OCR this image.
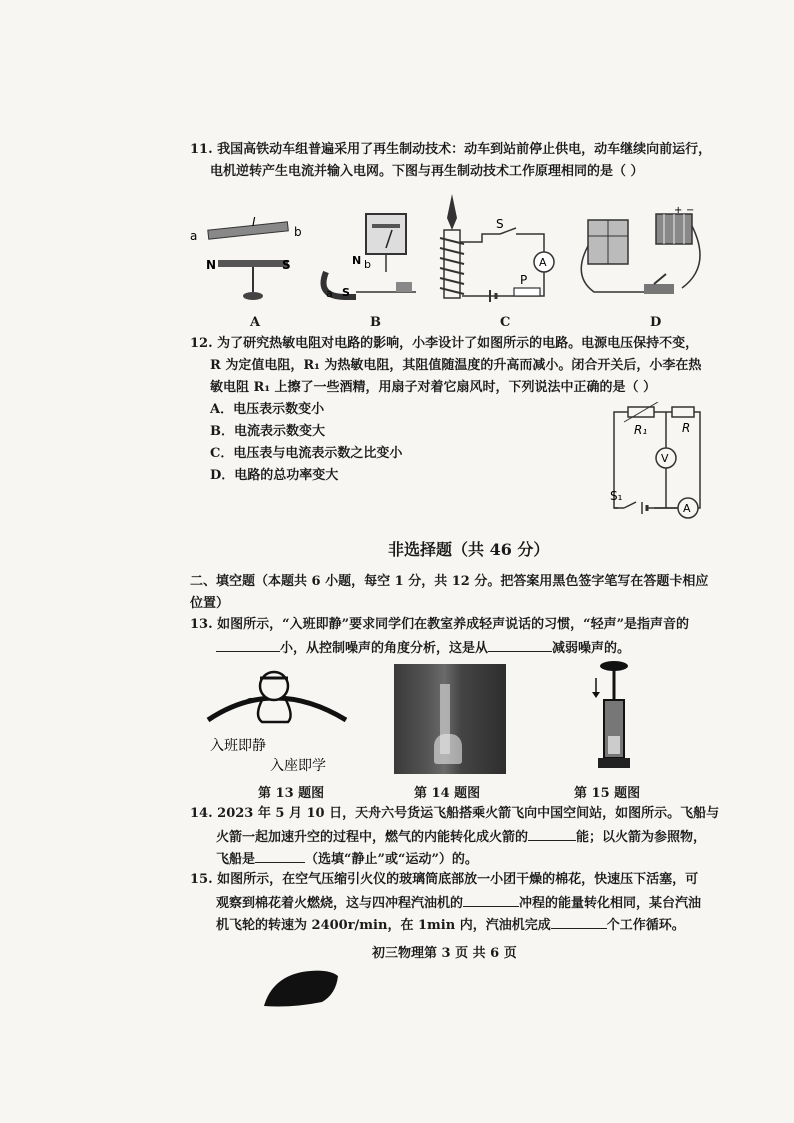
11. 我国高铁动车组普遍采用了再生制动技术：动车到站前停止供电，动车继续向前运行，
电机逆转产生电流并输入电网。下图与再生制动技术工作原理相同的是（ ）
a	b
I
N	S
A
N b
a S
B
S
A
P
C
+ −
D
12. 为了研究热敏电阻对电路的影响，小李设计了如图所示的电路。电源电压保持不变，
R 为定值电阻，R₁ 为热敏电阻，其阻值随温度的升高而减小。闭合开关后，小李在热
敏电阻 R₁ 上擦了一些酒精，用扇子对着它扇风时，下列说法中正确的是（ ）
A．电压表示数变小
B．电流表示数变大
C．电压表与电流表示数之比变小
D．电路的总功率变大
R₁	R
V
A
S₁
非选择题（共 46 分）
二、填空题（本题共 6 小题，每空 1 分，共 12 分。把答案用黑色签字笔写在答题卡相应
位置）
13. 如图所示，“入班即静”要求同学们在教室养成轻声说话的习惯，“轻声”是指声音的
小，从控制噪声的角度分析，这是从	减弱噪声的。
入班即静
入座即学
第 13 题图	第 14 题图	第 15 题图
14. 2023 年 5 月 10 日，天舟六号货运飞船搭乘火箭飞向中国空间站，如图所示。飞船与
火箭一起加速升空的过程中，燃气的内能转化成火箭的	能；以火箭为参照物，
飞船是	（选填“静止”或“运动”）的。
15. 如图所示，在空气压缩引火仪的玻璃筒底部放一小团干燥的棉花，快速压下活塞，可
观察到棉花着火燃烧，这与四冲程汽油机的	冲程的能量转化相同，某台汽油
机飞轮的转速为 2400r/min，在 1min 内，汽油机完成	个工作循环。
初三物理第 3 页 共 6 页
